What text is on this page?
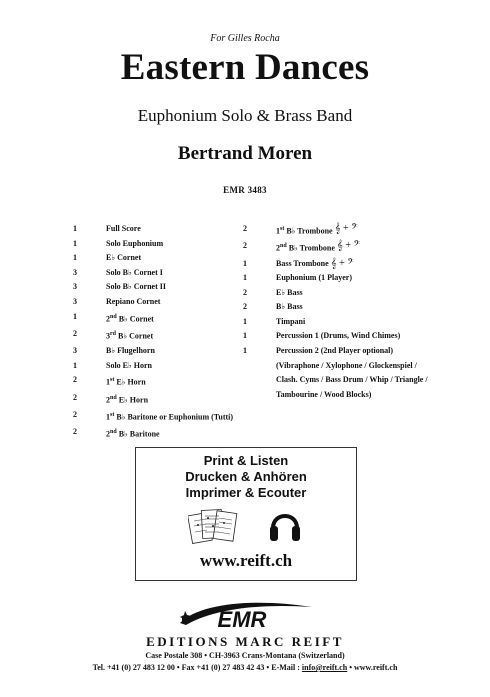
For Gilles Rocha
Eastern Dances
Euphonium Solo & Brass Band
Bertrand Moren
EMR 3483
1	Full Score
1	Solo Euphonium
1	E♭ Cornet
3	Solo B♭ Cornet I
3	Solo B♭ Cornet II
3	Repiano Cornet
1	2nd B♭ Cornet
2	3rd B♭ Cornet
3	B♭ Flugelhorn
1	Solo E♭ Horn
2	1st E♭ Horn
2	2nd E♭ Horn
2	1st B♭ Baritone or Euphonium (Tutti)
2	2nd B♭ Baritone
2	1st B♭ Trombone 𝄞 + 𝄢
2	2nd B♭ Trombone 𝄞 + 𝄢
1	Bass Trombone 𝄞 + 𝄢
1	Euphonium (1 Player)
2	E♭ Bass
2	B♭ Bass
1	Timpani
1	Percussion 1 (Drums, Wind Chimes)
1	Percussion 2 (2nd Player optional)
(Vibraphone / Xylophone / Glockenspiel /
Clash. Cyms / Bass Drum / Whip / Triangle /
Tambourine / Wood Blocks)
Print & Listen
Drucken & Anhören
Imprimer & Ecouter
www.reift.ch
EMR
EDITIONS MARC REIFT
Case Postale 308 • CH-3963 Crans-Montana (Switzerland)
Tel. +41 (0) 27 483 12 00 • Fax +41 (0) 27 483 42 43 • E-Mail : info@reift.ch • www.reift.ch
